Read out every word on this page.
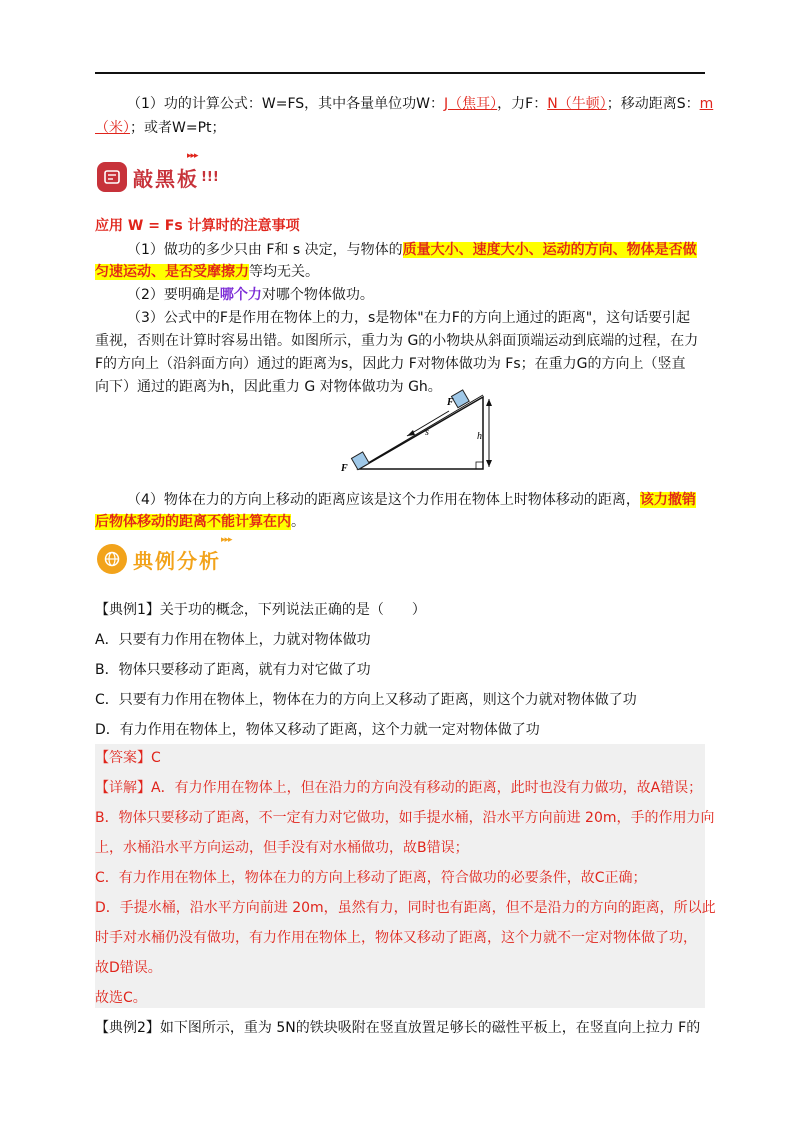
（1）功的计算公式：W=FS，其中各量单位功W：J（焦耳），力F：N（牛顿）；移动距离S：m
（米）；或者W=Pt；
▸▸▸
敲黑板 !!!
应用 W = Fs 计算时的注意事项
（1）做功的多少只由 F和 s 决定，与物体的质量大小、速度大小、运动的方向、物体是否做
匀速运动、是否受摩擦力等均无关。
（2）要明确是哪个力对哪个物体做功。
（3）公式中的F是作用在物体上的力，s是物体"在力F的方向上通过的距离"，这句话要引起
重视，否则在计算时容易出错。如图所示，重力为 G的小物块从斜面顶端运动到底端的过程，在力
F的方向上（沿斜面方向）通过的距离为s，因此力 F对物体做功为 Fs；在重力G的方向上（竖直
向下）通过的距离为h，因此重力 G 对物体做功为 Gh。
F
F
s	h
（4）物体在力的方向上移动的距离应该是这个力作用在物体上时物体移动的距离，该力撤销
后物体移动的距离不能计算在内。
▸▸▸
典例分析
【典例1】关于功的概念，下列说法正确的是（　　）
A．只要有力作用在物体上，力就对物体做功
B．物体只要移动了距离，就有力对它做了功
C．只要有力作用在物体上，物体在力的方向上又移动了距离，则这个力就对物体做了功
D．有力作用在物体上，物体又移动了距离，这个力就一定对物体做了功
【答案】C
【详解】A．有力作用在物体上，但在沿力的方向没有移动的距离，此时也没有力做功，故A错误；
B．物体只要移动了距离，不一定有力对它做功，如手提水桶，沿水平方向前进 20m，手的作用力向
上，水桶沿水平方向运动，但手没有对水桶做功，故B错误；
C．有力作用在物体上，物体在力的方向上移动了距离，符合做功的必要条件，故C正确；
D．手提水桶，沿水平方向前进 20m，虽然有力，同时也有距离，但不是沿力的方向的距离，所以此
时手对水桶仍没有做功，有力作用在物体上，物体又移动了距离，这个力就不一定对物体做了功，
故D错误。
故选C。
【典例2】如下图所示，重为 5N的铁块吸附在竖直放置足够长的磁性平板上，在竖直向上拉力 F的
